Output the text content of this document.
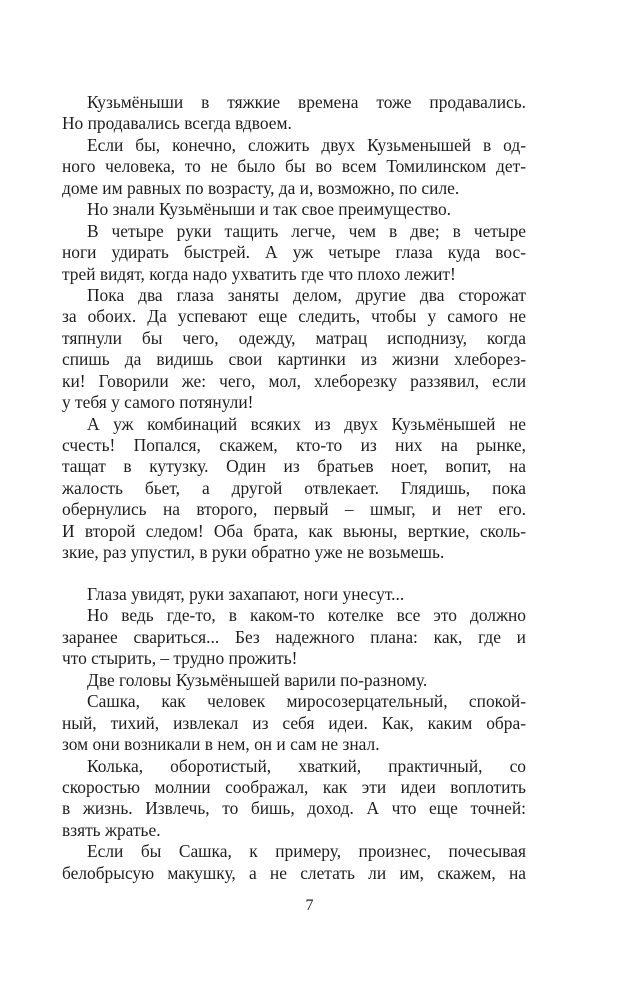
Кузьмёныши в тяжкие времена тоже продавались.
Но продавались всегда вдвоем.
Если бы, конечно, сложить двух Кузьменышей в од-
ного человека, то не было бы во всем Томилинском дет-
доме им равных по возрасту, да и, возможно, по силе.
Но знали Кузьмёныши и так свое преимущество.
В четыре руки тащить легче, чем в две; в четыре
ноги удирать быстрей. А уж четыре глаза куда вос-
трей видят, когда надо ухватить где что плохо лежит!
Пока два глаза заняты делом, другие два сторожат
за обоих. Да успевают еще следить, чтобы у самого не
тяпнули бы чего, одежду, матрац исподнизу, когда
спишь да видишь свои картинки из жизни хлеборез-
ки! Говорили же: чего, мол, хлеборезку раззявил, если
у тебя у самого потянули!
А уж комбинаций всяких из двух Кузьмёнышей не
счесть! Попался, скажем, кто-то из них на рынке,
тащат в кутузку. Один из братьев ноет, вопит, на
жалость бьет, а другой отвлекает. Глядишь, пока
обернулись на второго, первый – шмыг, и нет его.
И второй следом! Оба брата, как вьюны, верткие, сколь-
зкие, раз упустил, в руки обратно уже не возьмешь.
Глаза увидят, руки захапают, ноги унесут...
Но ведь где-то, в каком-то котелке все это должно
заранее свариться... Без надежного плана: как, где и
что стырить, – трудно прожить!
Две головы Кузьмёнышей варили по-разному.
Сашка, как человек миросозерцательный, спокой-
ный, тихий, извлекал из себя идеи. Как, каким обра-
зом они возникали в нем, он и сам не знал.
Колька, оборотистый, хваткий, практичный, со
скоростью молнии соображал, как эти идеи воплотить
в жизнь. Извлечь, то бишь, доход. А что еще точней:
взять жратье.
Если бы Сашка, к примеру, произнес, почесывая
белобрысую макушку, а не слетать ли им, скажем, на
7
